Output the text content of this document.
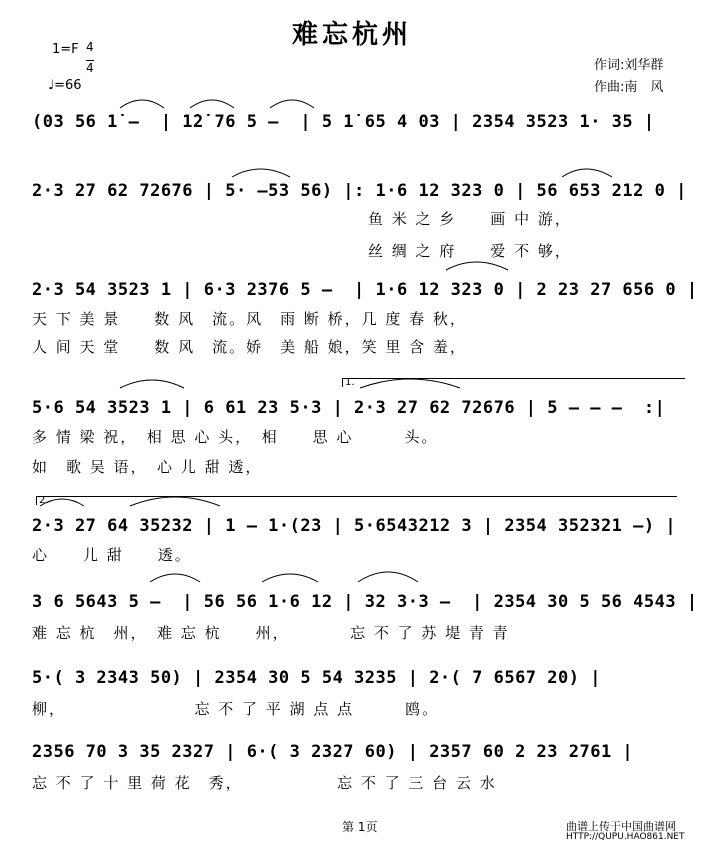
难忘杭州
1=F 4
4
♩=66
作词:刘华群
作曲:南　风
(03 56 1̇ –  | 1̇2̇ 76 5 –  | 5 1̇ 65 4 03 | 2354 3523 1· 35 |
2·3 27 62 72676 | 5· –53 56) |: 1·6 12 323 0 | 56 653 212 0 |
2·3 54 3523 1 | 6·3 2376 5 –  | 1·6 12 323 0 | 2 23 27 656 0 |
5·6 54 3523 1 | 6 61 23 5·3 | 2·3 27 62 72676 | 5 – – –  :|
2·3 27 64 35232 | 1 – 1·(23 | 5·6543212 3 | 2354 352321 –) |
3 6 5643 5 –  | 56 56 1·6 12 | 32 3·3 –  | 2354 30 5 56 4543 |
5·( 3 2343 50) | 2354 30 5 54 3235 | 2·( 7 6567 20) |
2356 70 3 35 2327 | 6·( 3 2327 60) | 2357 60 2 23 2761 |
鱼 米 之 乡　　画 中 游，
丝 绸 之 府　　爱 不 够，
天 下 美 景　　数 风　流。风　雨 断 桥，几 度 春 秋，
人 间 天 堂　　数 风　流。娇　美 船 娘，笑 里 含 羞，
多 情 梁 祝，　相 思 心 头，　相　　思 心　　　头。
如　歌 吴 语，　心 儿 甜 透，
心　　儿 甜　　透。
难 忘 杭　州，　难 忘 杭　　州，　　　　忘 不 了 苏 堤 青 青
柳，　　　　　　　　忘 不 了 平 湖 点 点　　　鸥。
忘 不 了 十 里 荷 花　秀，　　　　　　忘 不 了 三 台 云 水
1.
2.
第 1页	曲谱上传于中国曲谱网
HTTP://QUPU.HAO861.NET
